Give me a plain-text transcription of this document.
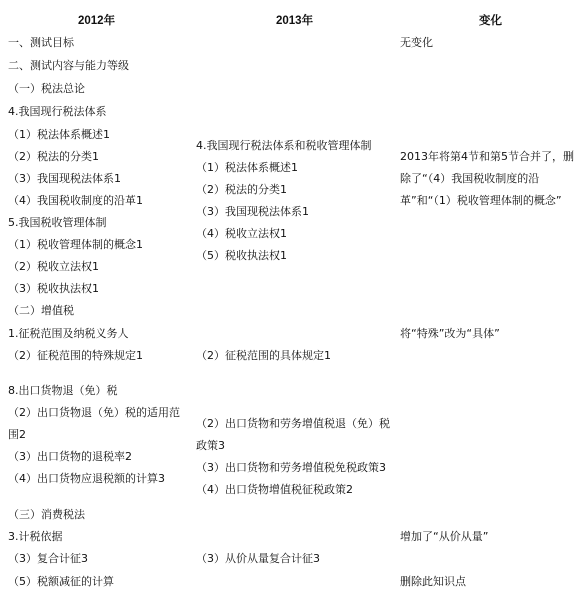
2012年	2013年	变化
一、测试目标
二、测试内容与能力等级
（一）税法总论
4.我国现行税法体系
（1）税法体系概述1
（2）税法的分类1
（3）我国现税法体系1
（4）我国税收制度的沿革1
5.我国税收管理体制
（1）税收管理体制的概念1
（2）税收立法权1
（3）税收执法权1
（二）增值税
1.征税范围及纳税义务人
（2）征税范围的特殊规定1
8.出口货物退（免）税
（2）出口货物退（免）税的适用范
围2
（3）出口货物的退税率2
（4）出口货物应退税额的计算3
（三）消费税法
3.计税依据
（3）复合计征3
（5）税额减征的计算
4.我国现行税法体系和税收管理体制
（1）税法体系概述1
（2）税法的分类1
（3）我国现税法体系1
（4）税收立法权1
（5）税收执法权1
（2）征税范围的具体规定1
（2）出口货物和劳务增值税退（免）税
政策3
（3）出口货物和劳务增值税免税政策3
（4）出口货物增值税征税政策2
（3）从价从量复合计征3
无变化
2013年将第4节和第5节合并了，删除了“（4）我国税收制度的沿革”和“（1）税收管理体制的概念”
将“特殊”改为“具体”
增加了“从价从量”
删除此知识点
